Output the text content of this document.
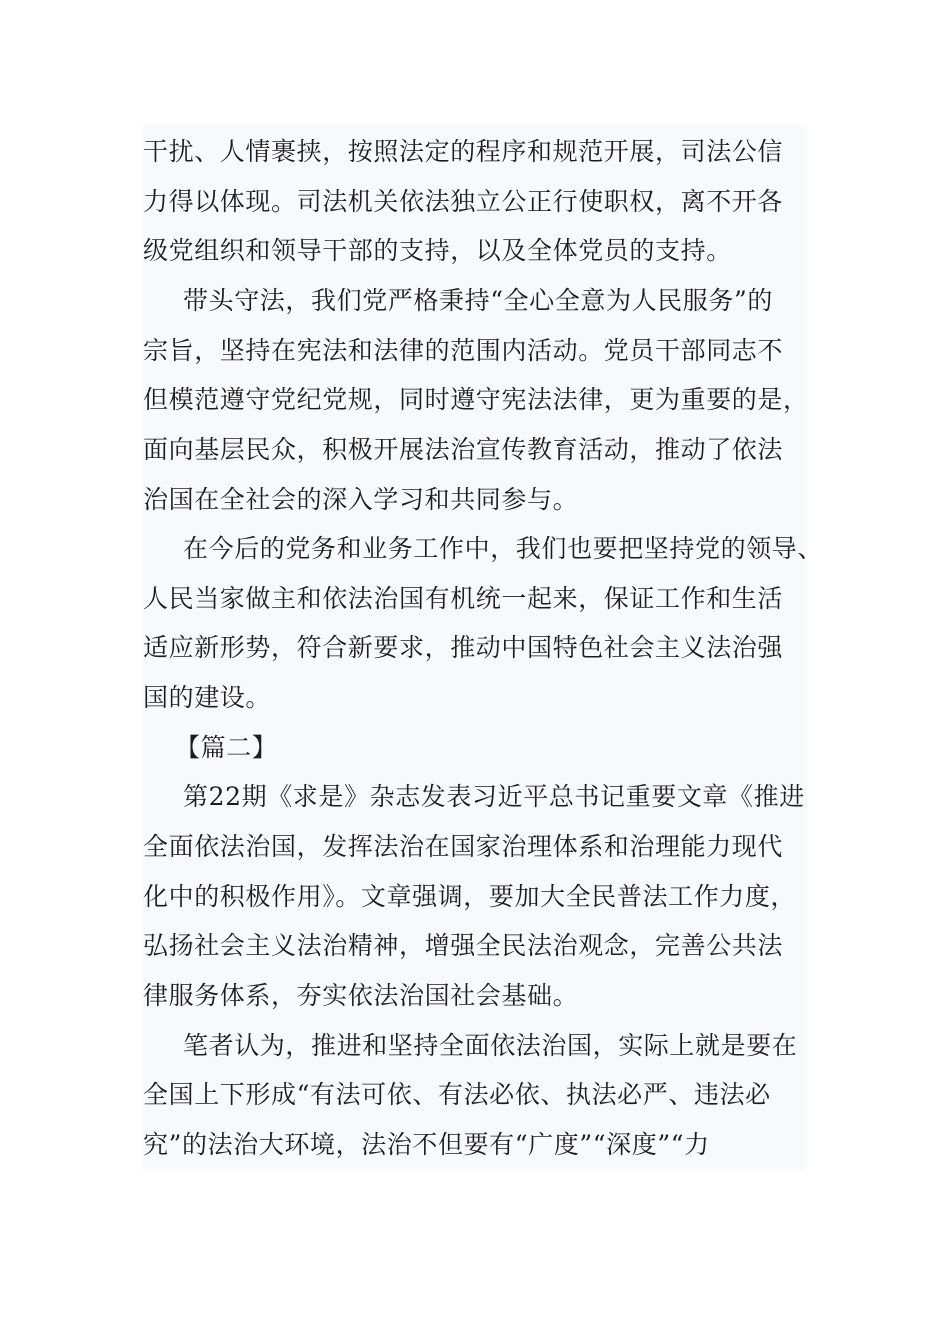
干扰、人情裹挟，按照法定的程序和规范开展，司法公信
力得以体现。司法机关依法独立公正行使职权，离不开各
级党组织和领导干部的支持，以及全体党员的支持。
带头守法，我们党严格秉持“全心全意为人民服务”的
宗旨，坚持在宪法和法律的范围内活动。党员干部同志不
但模范遵守党纪党规，同时遵守宪法法律，更为重要的是，
面向基层民众，积极开展法治宣传教育活动，推动了依法
治国在全社会的深入学习和共同参与。
在今后的党务和业务工作中，我们也要把坚持党的领导、
人民当家做主和依法治国有机统一起来，保证工作和生活
适应新形势，符合新要求，推动中国特色社会主义法治强
国的建设。
【篇二】
第22期《求是》杂志发表习近平总书记重要文章《推进
全面依法治国，发挥法治在国家治理体系和治理能力现代
化中的积极作用》。文章强调，要加大全民普法工作力度，
弘扬社会主义法治精神，增强全民法治观念，完善公共法
律服务体系，夯实依法治国社会基础。
笔者认为，推进和坚持全面依法治国，实际上就是要在
全国上下形成“有法可依、有法必依、执法必严、违法必
究”的法治大环境，法治不但要有“广度”“深度”“力
